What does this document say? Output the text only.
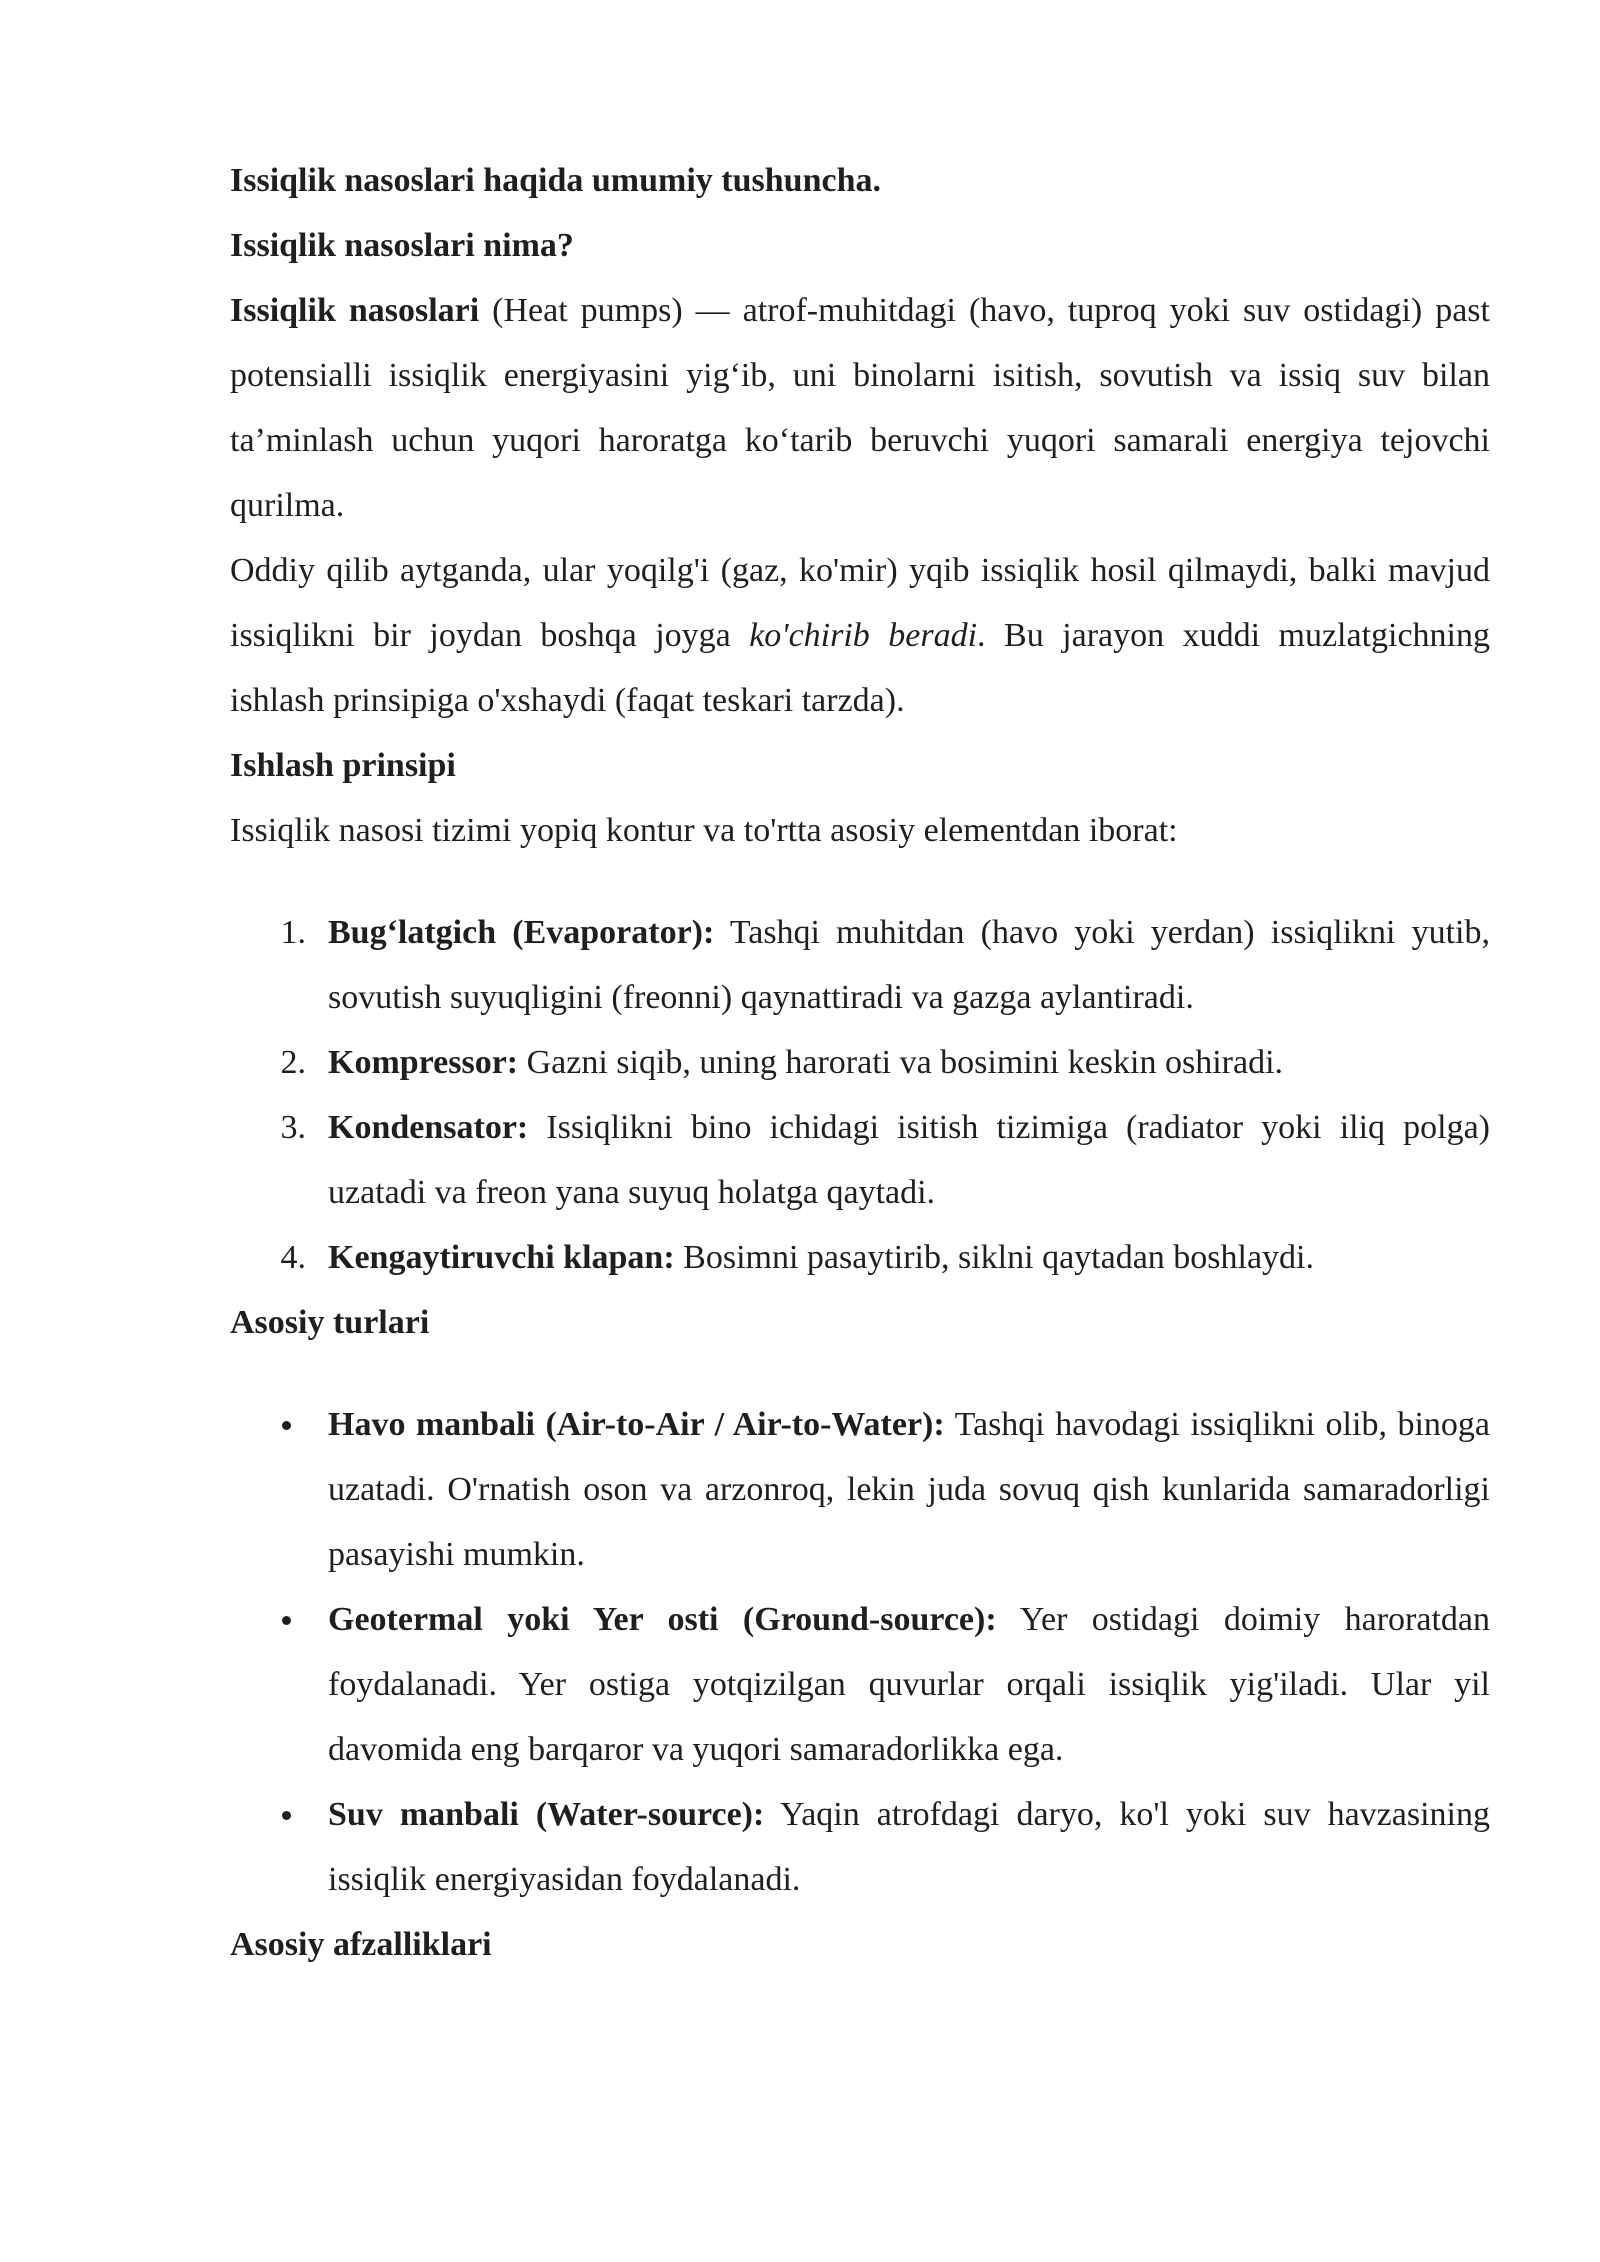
Issiqlik nasoslari haqida umumiy tushuncha.

Issiqlik nasoslari nima?

Issiqlik nasoslari (Heat pumps) — atrof-muhitdagi (havo, tuproq yoki suv ostidagi) past potensialli issiqlik energiyasini yig‘ib, uni binolarni isitish, sovutish va issiq suv bilan ta’minlash uchun yuqori haroratga ko‘tarib beruvchi yuqori samarali energiya tejovchi qurilma.

Oddiy qilib aytganda, ular yoqilg'i (gaz, ko'mir) yqib issiqlik hosil qilmaydi, balki mavjud issiqlikni bir joydan boshqa joyga ko'chirib beradi. Bu jarayon xuddi muzlatgichning ishlash prinsipiga o'xshaydi (faqat teskari tarzda).

Ishlash prinsipi

Issiqlik nasosi tizimi yopiq kontur va to'rtta asosiy elementdan iborat:

1. Bug‘latgich (Evaporator): Tashqi muhitdan (havo yoki yerdan) issiqlikni yutib, sovutish suyuqligini (freonni) qaynattiradi va gazga aylantiradi.
2. Kompressor: Gazni siqib, uning harorati va bosimini keskin oshiradi.
3. Kondensator: Issiqlikni bino ichidagi isitish tizimiga (radiator yoki iliq polga) uzatadi va freon yana suyuq holatga qaytadi.
4. Kengaytiruvchi klapan: Bosimni pasaytirib, siklni qaytadan boshlaydi.

Asosiy turlari

Havo manbali (Air-to-Air / Air-to-Water): Tashqi havodagi issiqlikni olib, binoga uzatadi. O'rnatish oson va arzonroq, lekin juda sovuq qish kunlarida samaradorligi pasayishi mumkin.
Geotermal yoki Yer osti (Ground-source): Yer ostidagi doimiy haroratdan foydalanadi. Yer ostiga yotqizilgan quvurlar orqali issiqlik yig'iladi. Ular yil davomida eng barqaror va yuqori samaradorlikka ega.
Suv manbali (Water-source): Yaqin atrofdagi daryo, ko'l yoki suv havzasining issiqlik energiyasidan foydalanadi.

Asosiy afzalliklari
